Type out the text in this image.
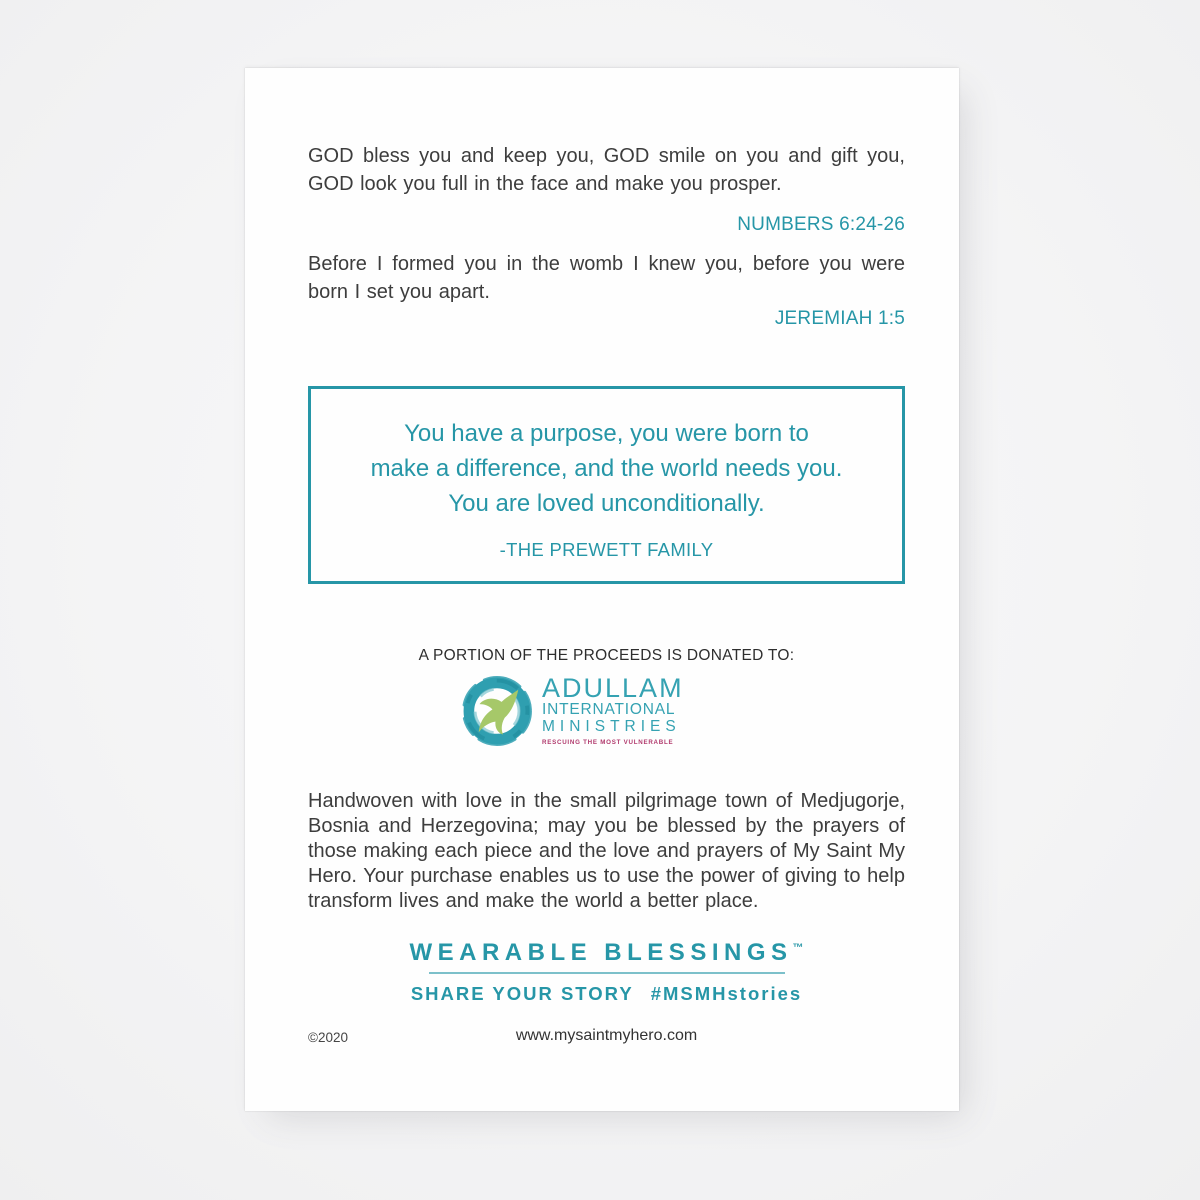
GOD bless you and keep you, GOD smile on you and gift you, GOD look you full in the face and make you prosper.

NUMBERS 6:24-26

Before I formed you in the womb I knew you, before you were born I set you apart.

JEREMIAH 1:5

You have a purpose, you were born to
make a difference, and the world needs you.
You are loved unconditionally.
-THE PREWETT FAMILY

A PORTION OF THE PROCEEDS IS DONATED TO:

ADULLAM
INTERNATIONAL
MINISTRIES
RESCUING THE MOST VULNERABLE

Handwoven with love in the small pilgrimage town of Medjugorje, Bosnia and Herzegovina; may you be blessed by the prayers of those making each piece and the love and prayers of My Saint My Hero. Your purchase enables us to use the power of giving to help transform lives and make the world a better place.

WEARABLE BLESSINGS™
SHARE YOUR STORY #MSMHstories
©2020	www.mysaintmyhero.com
